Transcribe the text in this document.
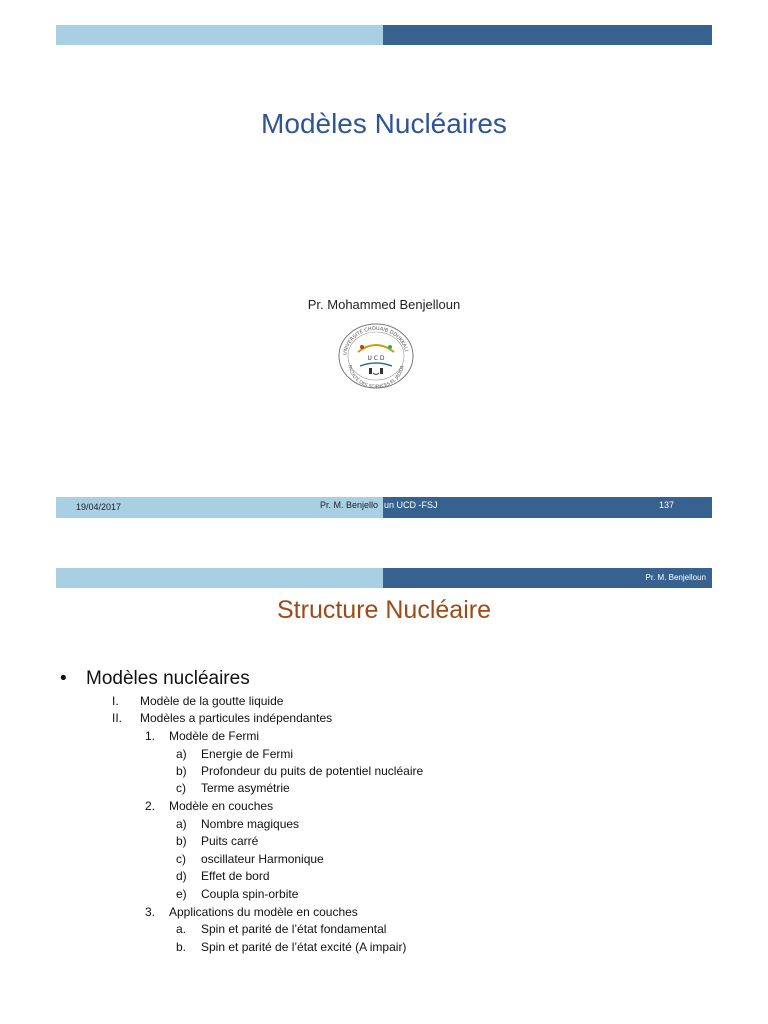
Modèles Nucléaires
Pr. Mohammed Benjelloun
UNIVERSITÉ CHOUAIB DOUKKALI
FACULTÉ DES SCIENCES EL JADIDA
U C D
19/04/2017	Pr. M. Benjello un UCD -FSJ	137
Pr. M. Benjelloun
Structure Nucléaire
• Modèles nucléaires
I. Modèle de la goutte liquide
II. Modèles a particules indépendantes
1. Modèle de Fermi
a) Energie de Fermi
b) Profondeur du puits de potentiel nucléaire
c) Terme asymétrie
2. Modèle en couches
a) Nombre magiques
b) Puits carré
c) oscillateur Harmonique
d) Effet de bord
e) Coupla spin-orbite
3. Applications du modèle en couches
a. Spin et parité de l’état fondamental
b. Spin et parité de l’état excité (A impair)
